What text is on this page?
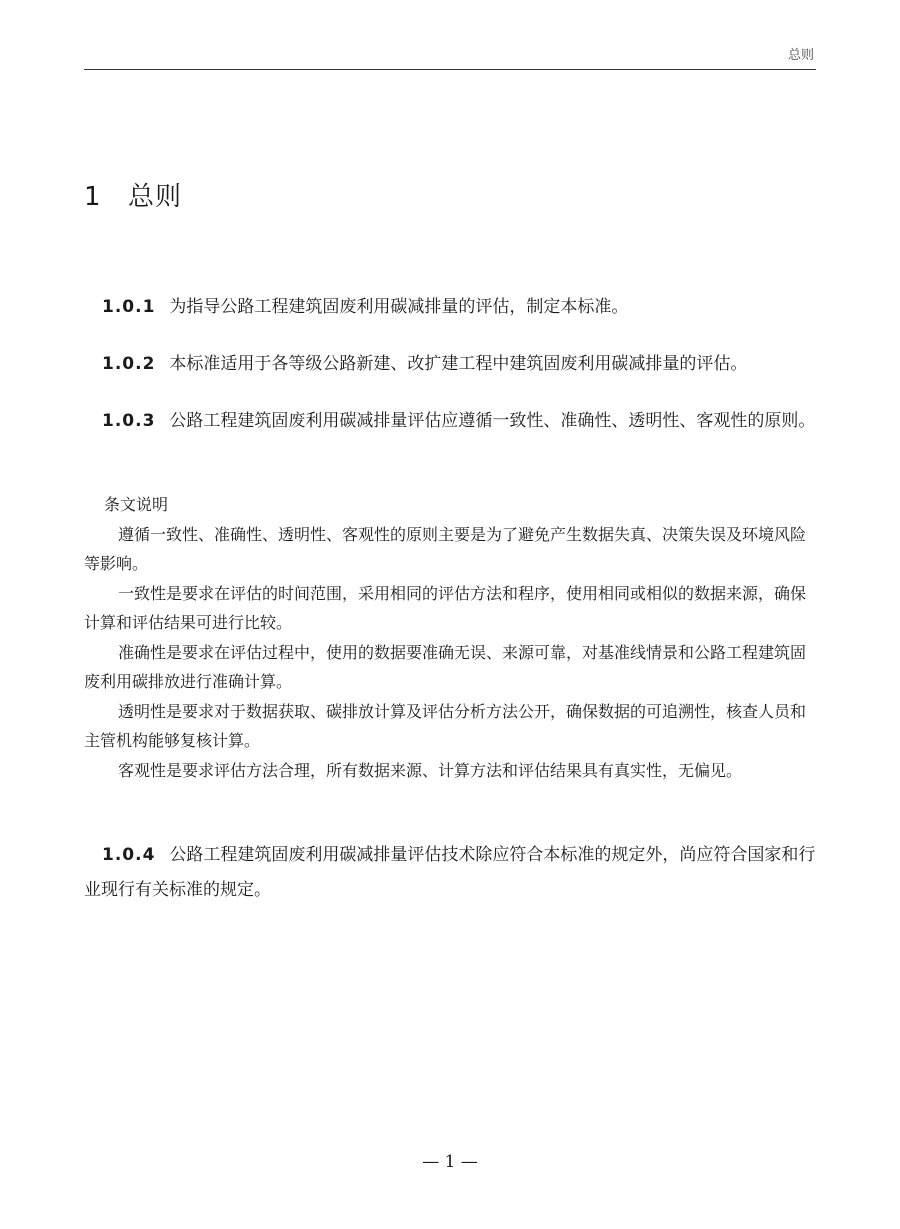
总则
1 总则

1.0.1 为指导公路工程建筑固废利用碳减排量的评估，制定本标准。

1.0.2 本标准适用于各等级公路新建、改扩建工程中建筑固废利用碳减排量的评估。

1.0.3 公路工程建筑固废利用碳减排量评估应遵循一致性、准确性、透明性、客观性的原则。

条文说明

遵循一致性、准确性、透明性、客观性的原则主要是为了避免产生数据失真、决策失误及环境风险等影响。

一致性是要求在评估的时间范围，采用相同的评估方法和程序，使用相同或相似的数据来源，确保计算和评估结果可进行比较。

准确性是要求在评估过程中，使用的数据要准确无误、来源可靠，对基准线情景和公路工程建筑固废利用碳排放进行准确计算。

透明性是要求对于数据获取、碳排放计算及评估分析方法公开，确保数据的可追溯性，核查人员和主管机构能够复核计算。

客观性是要求评估方法合理，所有数据来源、计算方法和评估结果具有真实性，无偏见。

1.0.4 公路工程建筑固废利用碳减排量评估技术除应符合本标准的规定外，尚应符合国家和行业现行有关标准的规定。

— 1 —
